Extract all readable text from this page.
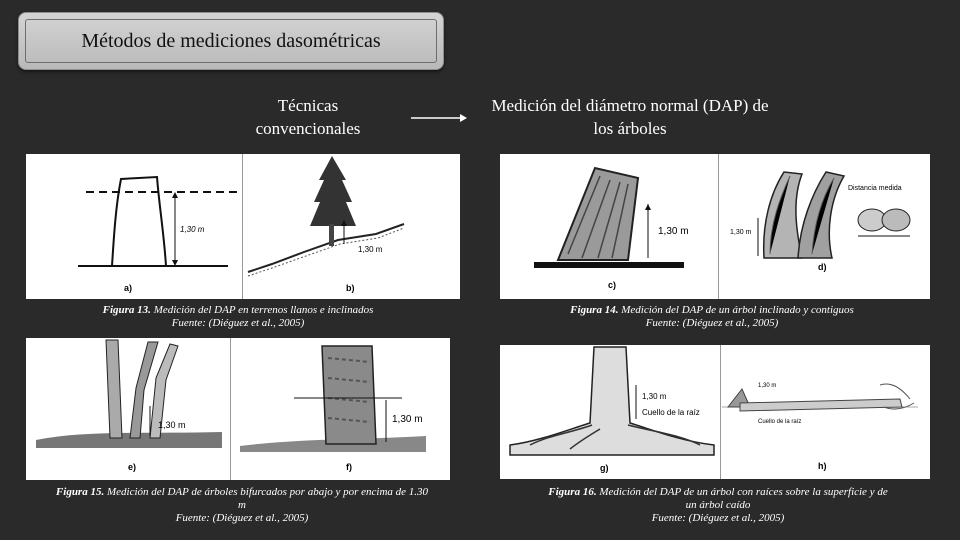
Métodos de mediciones dasométricas
Técnicas convencionales
Medición del diámetro normal (DAP) de los árboles
1,30 m
a)
1,30 m
b)
Figura 13. Medición del DAP en terrenos llanos e inclinados
Fuente: (Diéguez et al., 2005)
1,30 m
c)
1,30 m
Distancia medida
d)
Figura 14. Medición del DAP de un árbol inclinado y contiguos
Fuente: (Diéguez et al., 2005)
1,30 m
e)
1,30 m
f)
Figura 15. Medición del DAP de árboles bifurcados por abajo y por encima de 1.30 m
Fuente: (Diéguez et al., 2005)
1,30 m
Cuello de la raíz
g)
1,30 m
Cuello de la raíz
h)
Figura 16. Medición del DAP de un árbol con raíces sobre la superficie y de un árbol caído
Fuente: (Diéguez et al., 2005)
